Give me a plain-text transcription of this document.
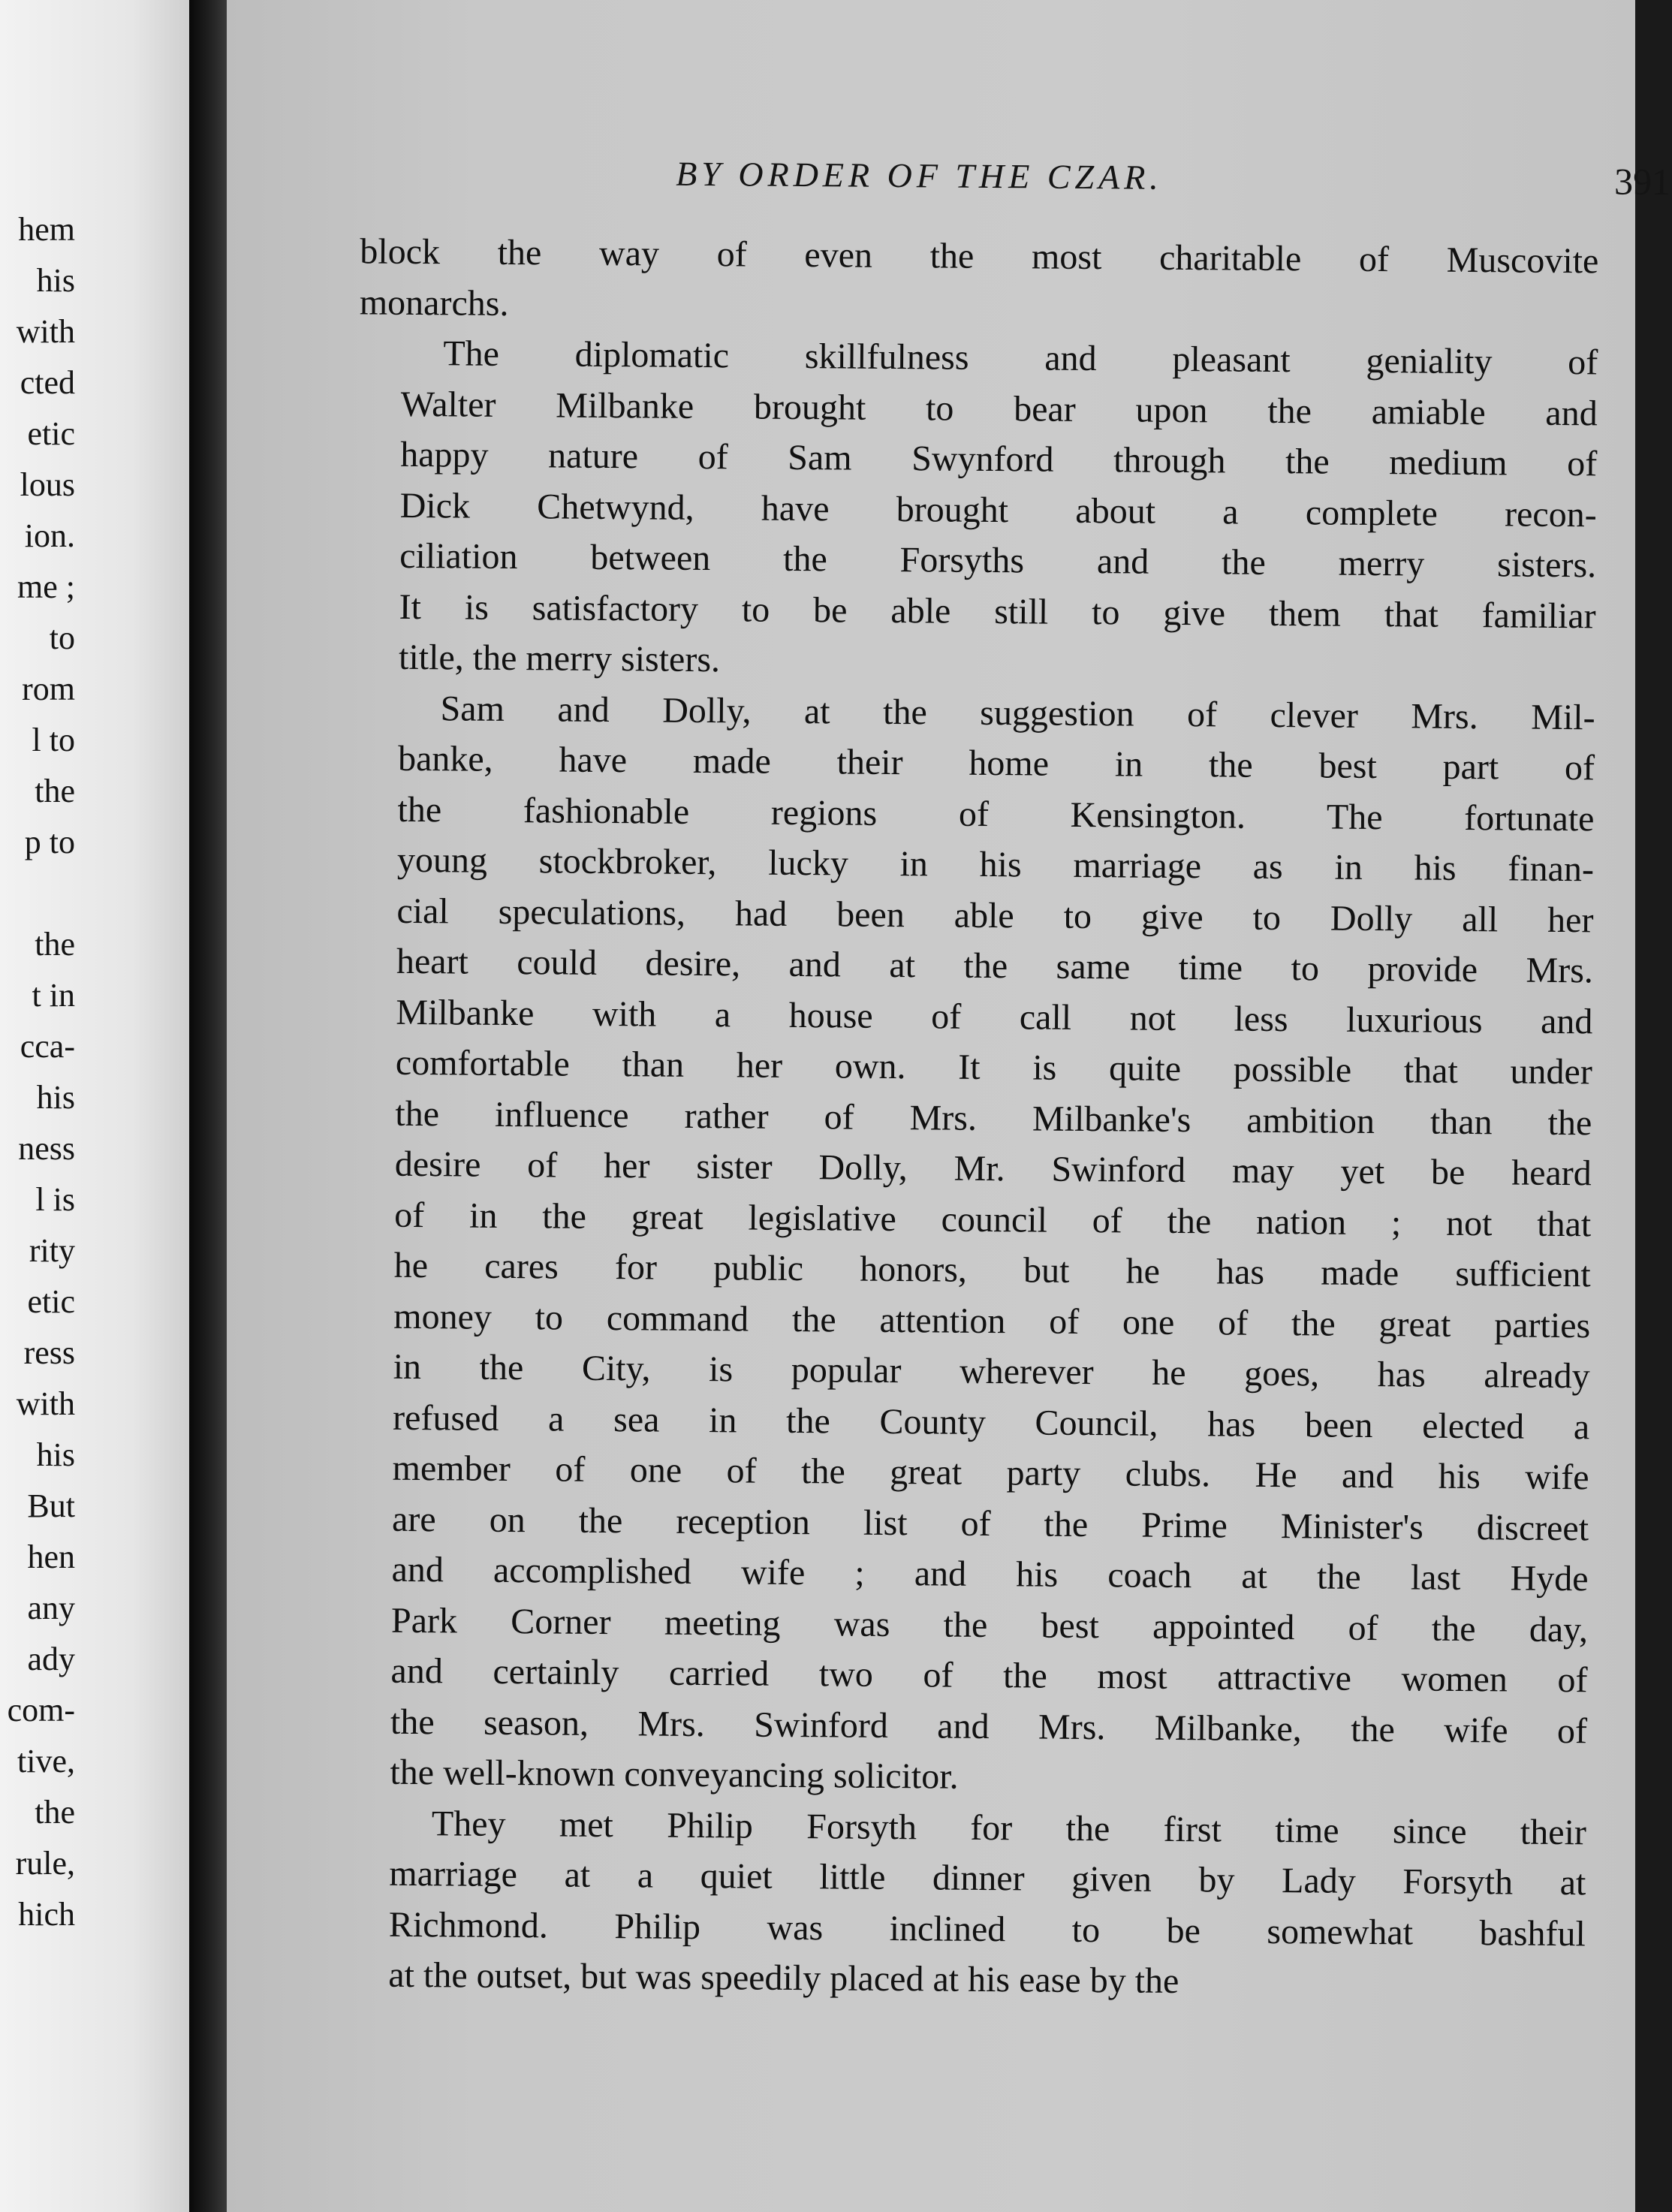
hem
his
with
cted
etic
lous
ion.
me ;
to
rom
l to
the
p to
the
t in
cca-
his
ness
l is
rity
etic
ress
with
his
But
hen
any
ady
com-
tive,
the
rule,
hich
BY ORDER OF THE CZAR.	391

block the way of even the most charitable of Muscovite
monarchs.

The diplomatic skillfulness and pleasant geniality of
Walter Milbanke brought to bear upon the amiable and
happy nature of Sam Swynford through the medium of
Dick Chetwynd, have brought about a complete recon-
ciliation between the Forsyths and the merry sisters.
It is satisfactory to be able still to give them that familiar
title, the merry sisters.

Sam and Dolly, at the suggestion of clever Mrs. Mil-
banke, have made their home in the best part of
the fashionable regions of Kensington. The fortunate
young stockbroker, lucky in his marriage as in his finan-
cial speculations, had been able to give to Dolly all her
heart could desire, and at the same time to provide Mrs.
Milbanke with a house of call not less luxurious and
comfortable than her own. It is quite possible that under
the influence rather of Mrs. Milbanke's ambition than the
desire of her sister Dolly, Mr. Swinford may yet be heard
of in the great legislative council of the nation ; not that
he cares for public honors, but he has made sufficient
money to command the attention of one of the great parties
in the City, is popular wherever he goes, has already
refused a sea in the County Council, has been elected a
member of one of the great party clubs. He and his wife
are on the reception list of the Prime Minister's discreet
and accomplished wife ; and his coach at the last Hyde
Park Corner meeting was the best appointed of the day,
and certainly carried two of the most attractive women of
the season, Mrs. Swinford and Mrs. Milbanke, the wife of
the well-known conveyancing solicitor.

They met Philip Forsyth for the first time since their
marriage at a quiet little dinner given by Lady Forsyth at
Richmond. Philip was inclined to be somewhat bashful
at the outset, but was speedily placed at his ease by the
